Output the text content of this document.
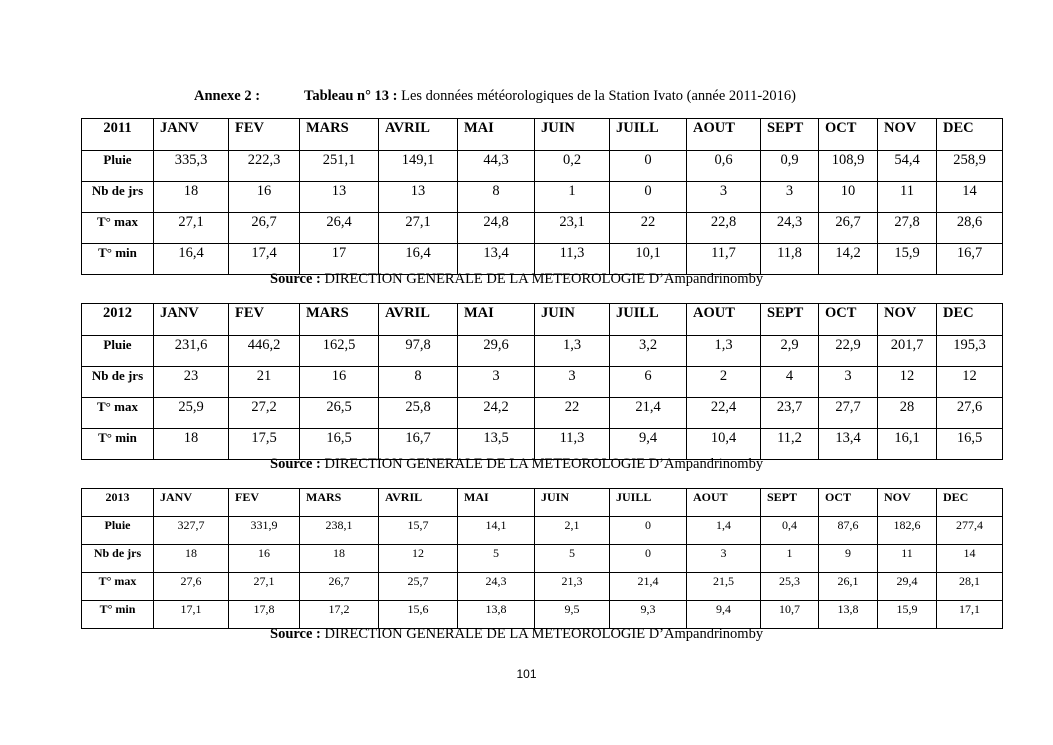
Annexe 2 :	Tableau n° 13 : Les données météorologiques de la Station Ivato (année 2011-2016)
2011	JANV	FEV	MARS	AVRIL	MAI	JUIN	JUILL	AOUT	SEPT	OCT	NOV	DEC
Pluie	335,3	222,3	251,1	149,1	44,3	0,2	0	0,6	0,9	108,9	54,4	258,9
Nb de jrs	18	16	13	13	8	1	0	3	3	10	11	14
T° max	27,1	26,7	26,4	27,1	24,8	23,1	22	22,8	24,3	26,7	27,8	28,6
T° min	16,4	17,4	17	16,4	13,4	11,3	10,1	11,7	11,8	14,2	15,9	16,7
Source : DIRECTION GENERALE DE LA METEOROLOGIE D’Ampandrinomby
2012	JANV	FEV	MARS	AVRIL	MAI	JUIN	JUILL	AOUT	SEPT	OCT	NOV	DEC
Pluie	231,6	446,2	162,5	97,8	29,6	1,3	3,2	1,3	2,9	22,9	201,7	195,3
Nb de jrs	23	21	16	8	3	3	6	2	4	3	12	12
T° max	25,9	27,2	26,5	25,8	24,2	22	21,4	22,4	23,7	27,7	28	27,6
T° min	18	17,5	16,5	16,7	13,5	11,3	9,4	10,4	11,2	13,4	16,1	16,5
Source : DIRECTION GENERALE DE LA METEOROLOGIE D’Ampandrinomby
2013	JANV	FEV	MARS	AVRIL	MAI	JUIN	JUILL	AOUT	SEPT	OCT	NOV	DEC
Pluie	327,7	331,9	238,1	15,7	14,1	2,1	0	1,4	0,4	87,6	182,6	277,4
Nb de jrs	18	16	18	12	5	5	0	3	1	9	11	14
T° max	27,6	27,1	26,7	25,7	24,3	21,3	21,4	21,5	25,3	26,1	29,4	28,1
T° min	17,1	17,8	17,2	15,6	13,8	9,5	9,3	9,4	10,7	13,8	15,9	17,1
Source : DIRECTION GENERALE DE LA METEOROLOGIE D’Ampandrinomby
101
